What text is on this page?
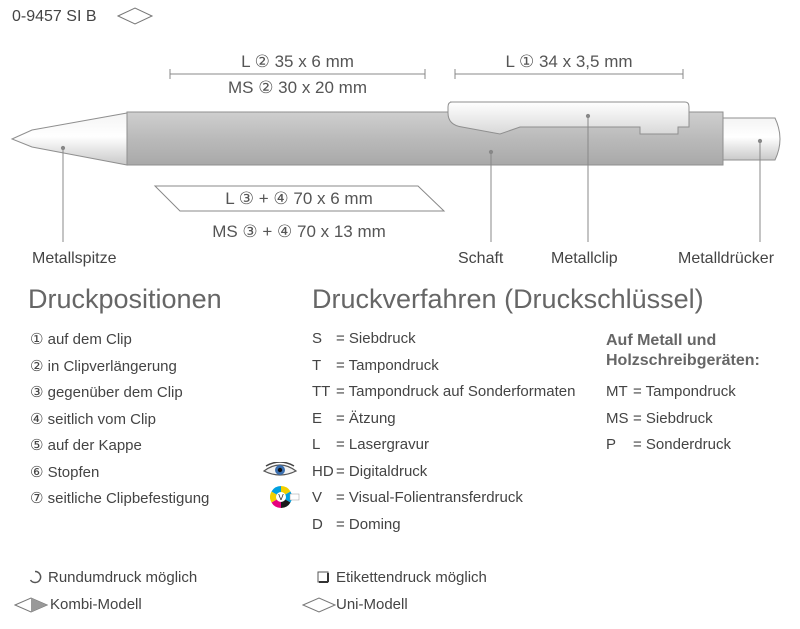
0-9457 SI B
L ② 35 x 6 mm
MS ② 30 x 20 mm
L ① 34 x 3,5 mm
L ③ + ④ 70 x 6 mm
MS ③ + ④ 70 x 13 mm
Metallspitze	Schaft	Metallclip	Metalldrücker
Druckpositionen
① auf dem Clip
② in Clipverlängerung
③ gegenüber dem Clip
④ seitlich vom Clip
⑤ auf der Kappe
⑥ Stopfen
⑦ seitliche Clipbefestigung
Druckverfahren (Druckschlüssel)
S = Siebdruck
T = Tampondruck
TT = Tampondruck auf Sonderformaten
E = Ätzung
L = Lasergravur
HD = Digitaldruck
V = Visual-Folientransferdruck
D = Doming
V
Auf Metall und
Holzschreibgeräten:
MT = Tampondruck
MS = Siebdruck
P = Sonderdruck
Rundumdruck möglich
Kombi-Modell
Etikettendruck möglich
Uni-Modell
